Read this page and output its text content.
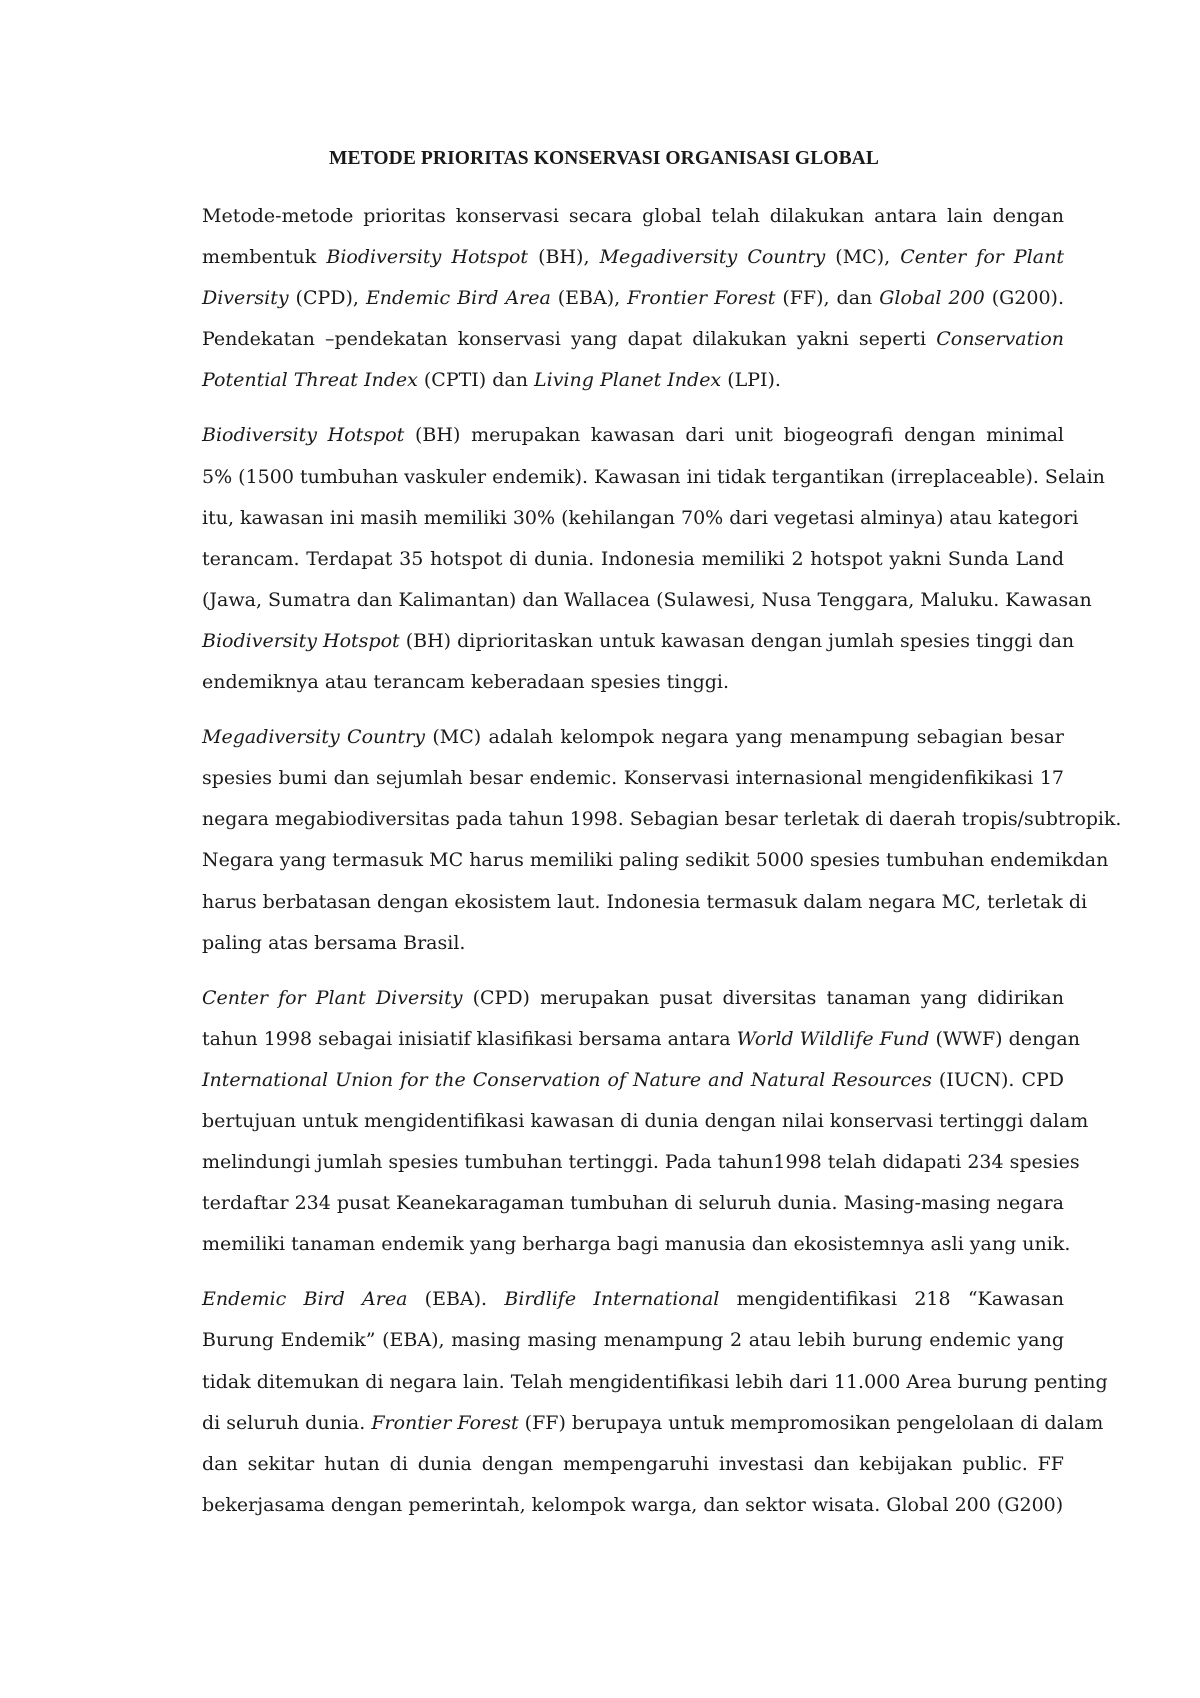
METODE PRIORITAS KONSERVASI ORGANISASI GLOBAL

Metode-metode prioritas konservasi secara global telah dilakukan antara lain dengan
membentuk Biodiversity Hotspot (BH), Megadiversity Country (MC), Center for Plant
Diversity (CPD), Endemic Bird Area (EBA), Frontier Forest (FF), dan Global 200 (G200).
Pendekatan –pendekatan konservasi yang dapat dilakukan yakni seperti Conservation
Potential Threat Index (CPTI) dan Living Planet Index (LPI).

Biodiversity Hotspot (BH) merupakan kawasan dari unit biogeografi dengan minimal
5% (1500 tumbuhan vaskuler endemik). Kawasan ini tidak tergantikan (irreplaceable). Selain
itu, kawasan ini masih memiliki 30% (kehilangan 70% dari vegetasi alminya) atau kategori
terancam. Terdapat 35 hotspot di dunia. Indonesia memiliki 2 hotspot yakni Sunda Land
(Jawa, Sumatra dan Kalimantan) dan Wallacea (Sulawesi, Nusa Tenggara, Maluku. Kawasan
Biodiversity Hotspot (BH) diprioritaskan untuk kawasan dengan jumlah spesies tinggi dan
endemiknya atau terancam keberadaan spesies tinggi.

Megadiversity Country (MC) adalah kelompok negara yang menampung sebagian besar
spesies bumi dan sejumlah besar endemic. Konservasi internasional mengidenfikikasi 17
negara megabiodiversitas pada tahun 1998. Sebagian besar terletak di daerah tropis/subtropik.
Negara yang termasuk MC harus memiliki paling sedikit 5000 spesies tumbuhan endemikdan
harus berbatasan dengan ekosistem laut. Indonesia termasuk dalam negara MC, terletak di
paling atas bersama Brasil.

Center for Plant Diversity (CPD) merupakan pusat diversitas tanaman yang didirikan
tahun 1998 sebagai inisiatif klasifikasi bersama antara World Wildlife Fund (WWF) dengan
International Union for the Conservation of Nature and Natural Resources (IUCN). CPD
bertujuan untuk mengidentifikasi kawasan di dunia dengan nilai konservasi tertinggi dalam
melindungi jumlah spesies tumbuhan tertinggi. Pada tahun1998 telah didapati 234 spesies
terdaftar 234 pusat Keanekaragaman tumbuhan di seluruh dunia. Masing-masing negara
memiliki tanaman endemik yang berharga bagi manusia dan ekosistemnya asli yang unik.

Endemic Bird Area (EBA). Birdlife International mengidentifikasi 218 “Kawasan
Burung Endemik” (EBA), masing masing menampung 2 atau lebih burung endemic yang
tidak ditemukan di negara lain. Telah mengidentifikasi lebih dari 11.000 Area burung penting
di seluruh dunia. Frontier Forest (FF) berupaya untuk mempromosikan pengelolaan di dalam
dan sekitar hutan di dunia dengan mempengaruhi investasi dan kebijakan public. FF
bekerjasama dengan pemerintah, kelompok warga, dan sektor wisata. Global 200 (G200)
